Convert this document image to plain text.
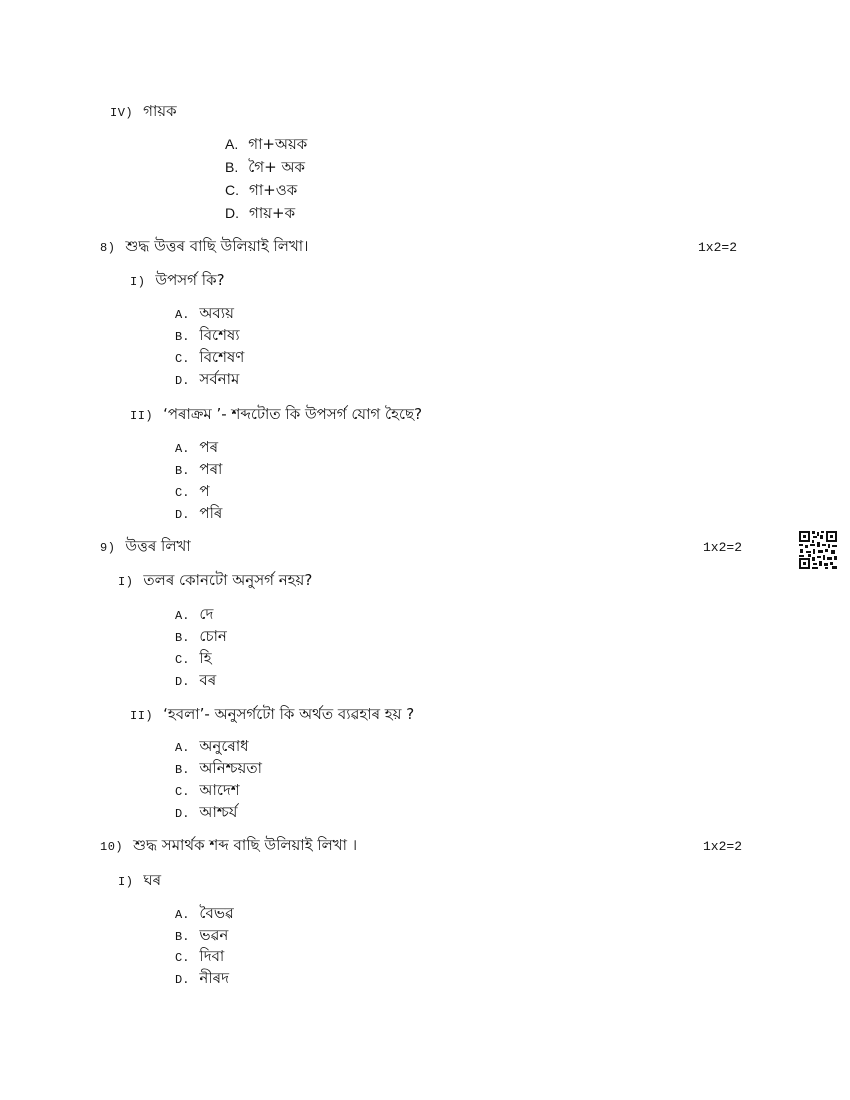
IV) গায়ক
A. গা+অয়ক
B. গৈ+ অক
C. গা+ওক
D. গায়+ক
8) শুদ্ধ উত্তৰ বাছি উলিয়াই লিখা।	1x2=2
I) উপসৰ্গ কি?
A. অব্যয়
B. বিশেষ্য
C. বিশেষণ
D. সৰ্বনাম
II) ‘পৰাক্ৰম ’- শব্দটোত কি উপসৰ্গ যোগ হৈছে?
A. পৰ
B. পৰা
C. প
D. পৰি
9) উত্তৰ লিখা	1x2=2
I) তলৰ কোনটো অনুসৰ্গ নহয়?
A. দে
B. চোন
C. হি
D. বৰ
II) ‘হবলা’- অনুসৰ্গটো কি অৰ্থত ব্যৱহাৰ হয় ?
A. অনুৰোধ
B. অনিশ্চয়তা
C. আদেশ
D. আশ্চৰ্য
10) শুদ্ধ সমাৰ্থক শব্দ বাছি উলিয়াই লিখা ।	1x2=2
I) ঘৰ
A. বৈভৱ
B. ভৱন
C. দিবা
D. নীৰদ
